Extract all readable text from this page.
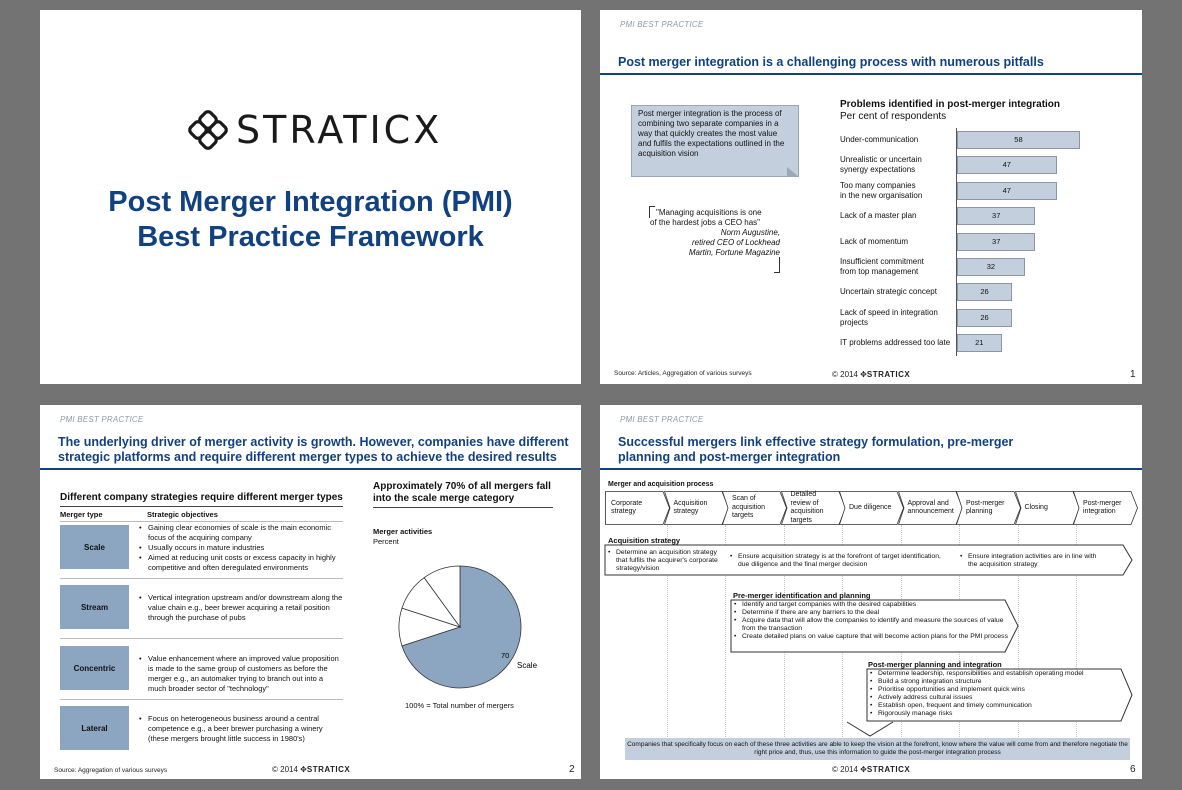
STRATICX
Post Merger Integration (PMI)
Best Practice Framework
PMI BEST PRACTICE
Post merger integration is a challenging process with numerous pitfalls
Post merger integration is the process of combining two separate companies in a way that quickly creates the most value and fulfils the expectations outlined in the acquisition vision
"Managing acquisitions is one
of the hardest jobs a CEO has"
Norm Augustine,
retired CEO of Lockhead
Martin, Fortune Magazine
Problems identified in post-merger integration
Per cent of respondents
Under-communication	58
Unrealistic or uncertain
synergy expectations
47
Too many companies
in the new organisation
47
Lack of a master plan	37
Lack of momentum	37
Insufficient commitment
from top management
32
Uncertain strategic concept	26
Lack of speed in integration
projects
26
IT problems addressed too late	21
Source: Articles, Aggregation of various surveys	© 2014 ✥STRATICX	1
PMI BEST PRACTICE
The underlying driver of merger activity is growth. However, companies have different
strategic platforms and require different merger types to achieve the desired results
Different company strategies require different merger types
Merger type	Strategic objectives
Scale
• Gaining clear economies of scale is the main economic focus of the acquiring company
• Usually occurs in mature industries
• Aimed at reducing unit costs or excess capacity in highly competitive and often deregulated environments
Stream
• Vertical integration upstream and/or downstream along the value chain e.g., beer brewer acquiring a retail position through the purchase of pubs
Concentric
• Value enhancement where an improved value proposition is made to the same group of customers as before the merger e.g., an automaker trying to branch out into a much broader sector of "technology"
Lateral
• Focus on heterogeneous business around a central competence e.g., a beer brewer purchasing a winery (these mergers brought little success in 1980's)
Approximately 70% of all mergers fall
into the scale merge category
Merger activities
Percent
70
Scale
100% = Total number of mergers
Source: Aggregation of various surveys	© 2014 ✥STRATICX	2
PMI BEST PRACTICE
Successful mergers link effective strategy formulation, pre-merger
planning and post-merger integration
Merger and acquisition process
Corporate
strategy
Acquisition
strategy
Scan of
acquisition
targets
Detailed
review of
acquisition
targets
Due diligence
Approval and
announcement
Post-merger
planning
Closing
Post-merger
integration
Acquisition strategy
• Determine an acquisition strategy that fulfils the acquirer's corporate strategy/vision
• Ensure acquisition strategy is at the forefront of target identification, due diligence and the final merger decision
• Ensure integration activities are in line with the acquisition strategy
Pre-merger identification and planning
• Identify and target companies with the desired capabilities
• Determine if there are any barriers to the deal
• Acquire data that will allow the companies to identify and measure the sources of value from the transaction
• Create detailed plans on value capture that will become action plans for the PMI process
Post-merger planning and integration
• Determine leadership, responsibilities and establish operating model
• Build a strong integration structure
• Prioritise opportunities and implement quick wins
• Actively address cultural issues
• Establish open, frequent and timely communication
• Rigorously manage risks
Companies that specifically focus on each of these three activities are able to keep the vision at the forefront, know where the value will come from and therefore negotiate the right price and, thus, use this information to guide the post-merger integration process
© 2014 ✥STRATICX	6
